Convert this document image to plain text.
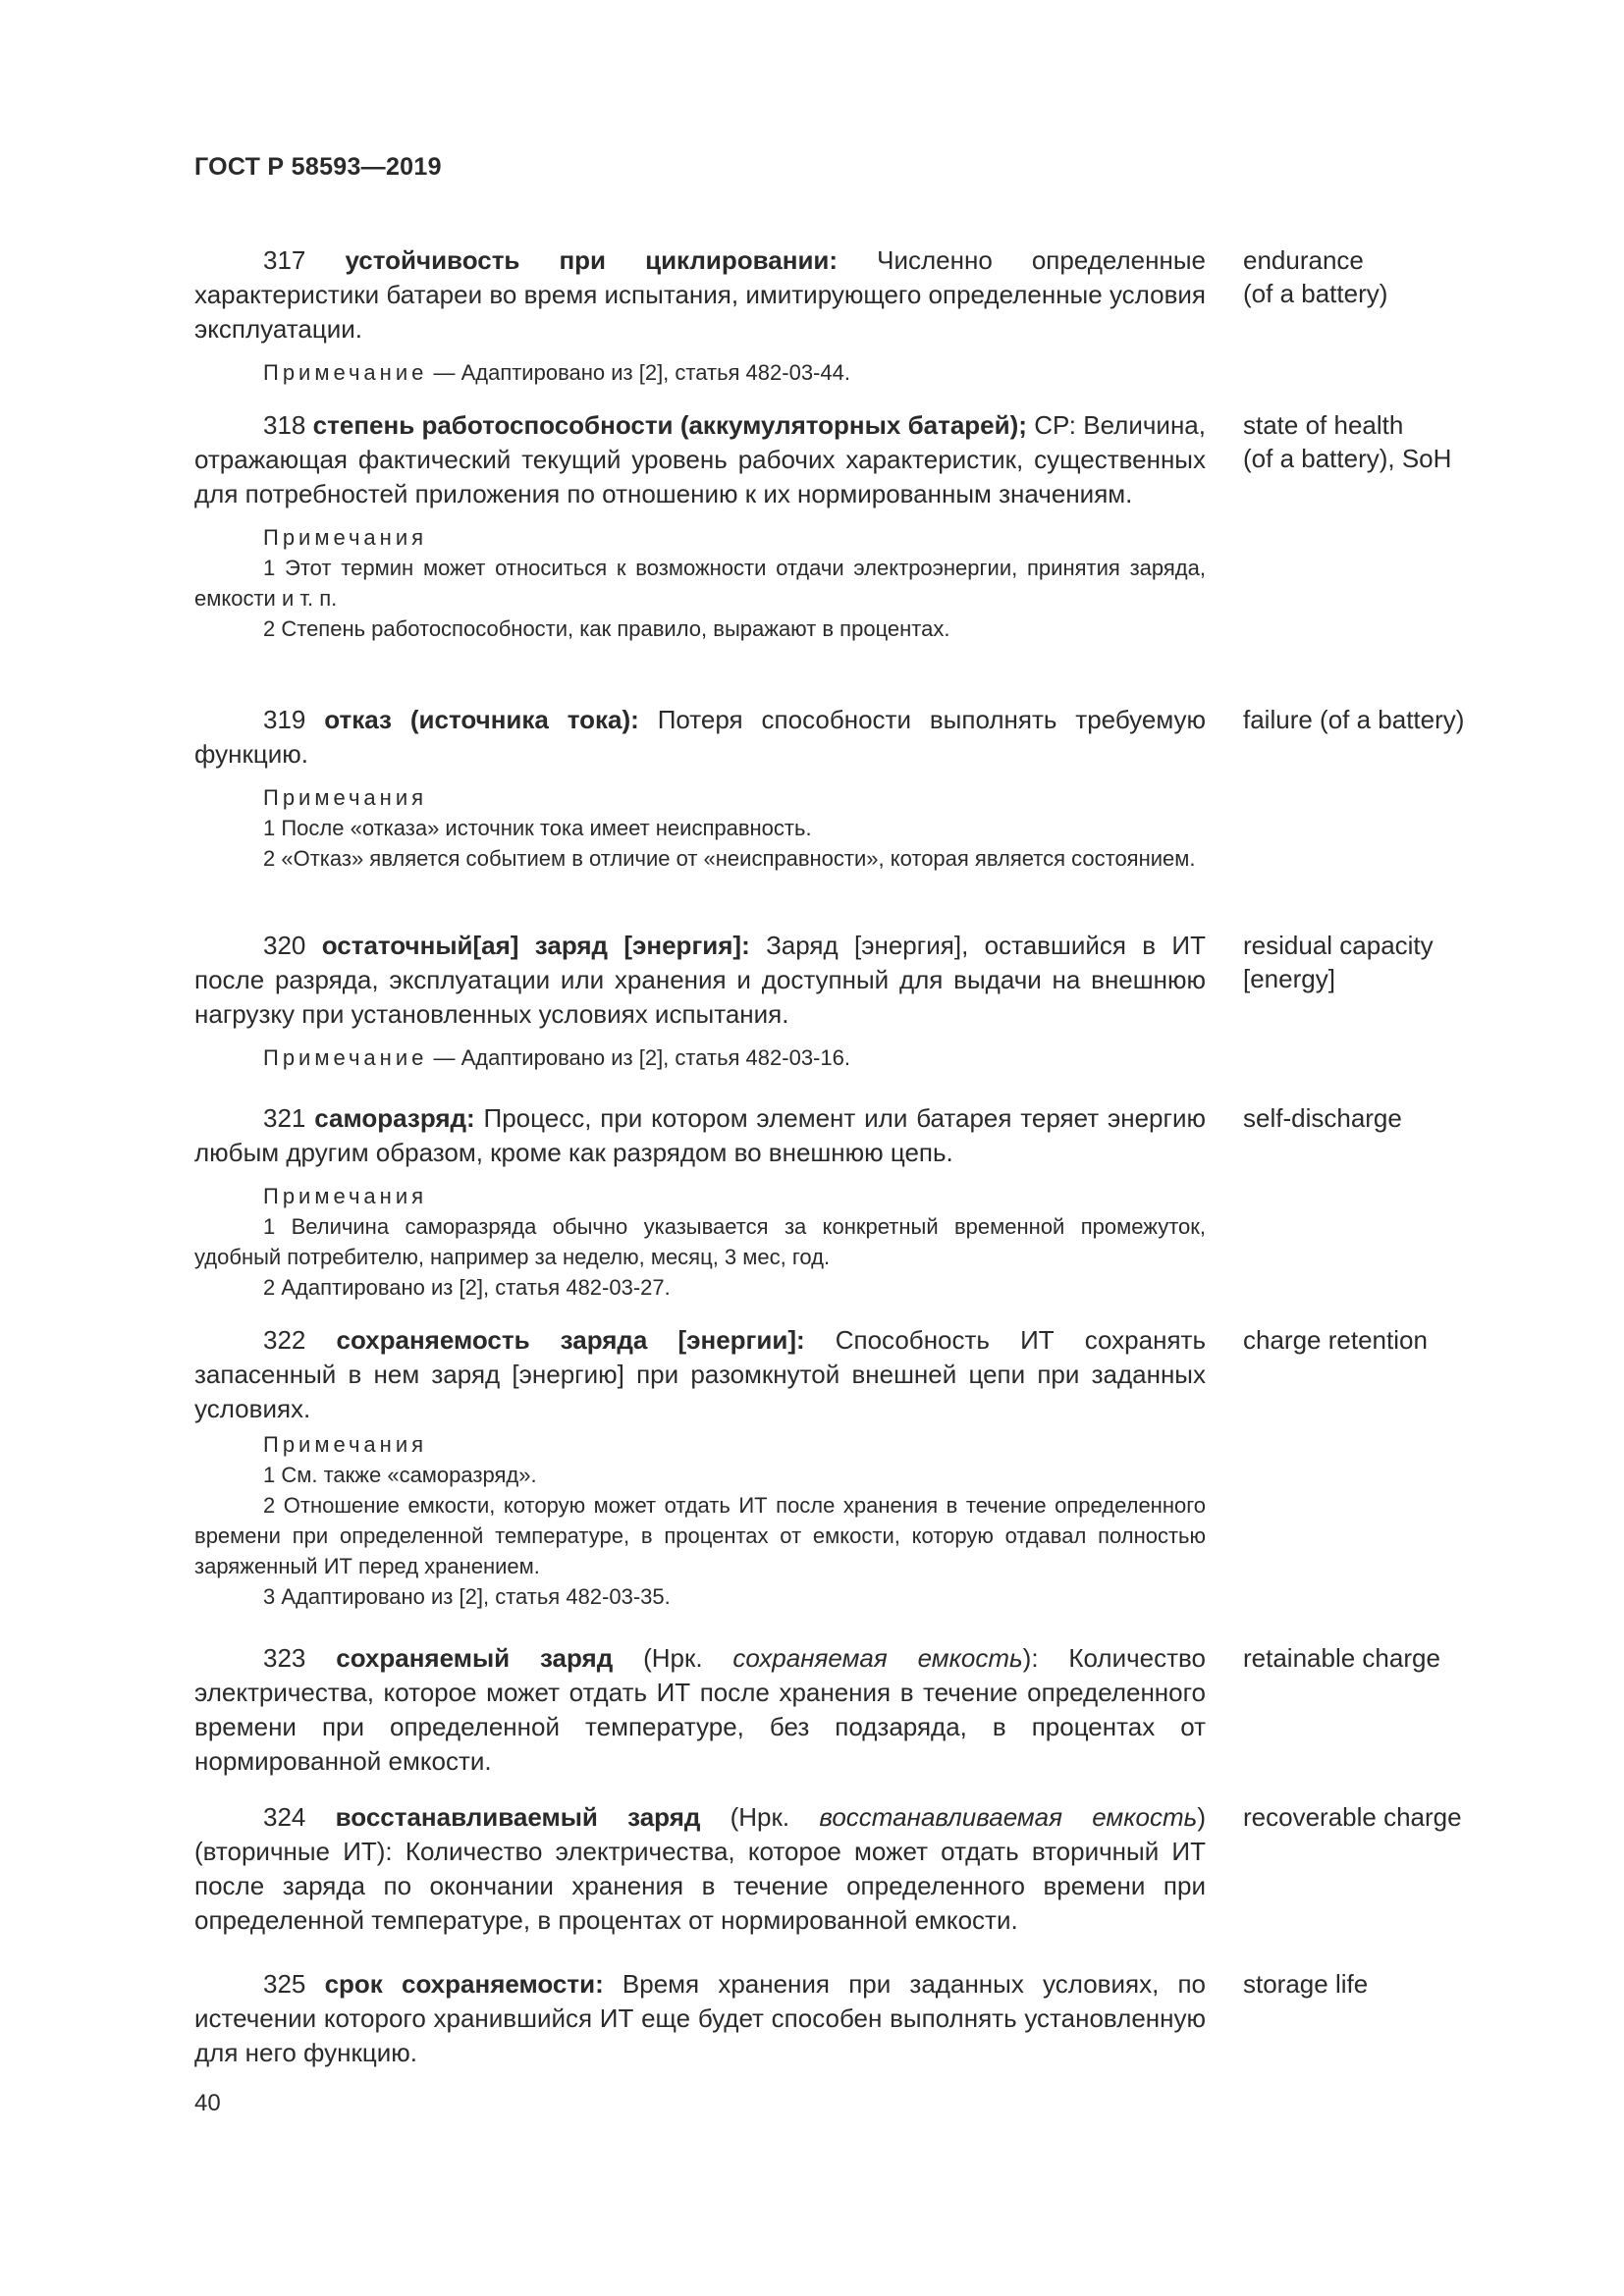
ГОСТ Р 58593—2019

317 устойчивость при циклировании: Численно определенные характеристики батареи во время испытания, имитирующего определенные условия эксплуатации.

endurance
(of a battery)

Примечание — Адаптировано из [2], статья 482-03-44.

318 степень работоспособности (аккумуляторных батарей); СР: Величина, отражающая фактический текущий уровень рабочих характеристик, существенных для потребностей приложения по отношению к их нормированным значениям.

state of health
(of a battery), SoH

Примечания

1 Этот термин может относиться к возможности отдачи электроэнергии, принятия заряда, емкости и т. п.

2 Степень работоспособности, как правило, выражают в процентах.

319 отказ (источника тока): Потеря способности выполнять требуемую функцию.

failure (of a battery)

Примечания

1 После «отказа» источник тока имеет неисправность.

2 «Отказ» является событием в отличие от «неисправности», которая является состоянием.

320 остаточный[ая] заряд [энергия]: Заряд [энергия], оставшийся в ИТ после разряда, эксплуатации или хранения и доступный для выдачи на внешнюю нагрузку при установленных условиях испытания.

residual capacity
[energy]

Примечание — Адаптировано из [2], статья 482-03-16.

321 саморазряд: Процесс, при котором элемент или батарея теряет энергию любым другим образом, кроме как разрядом во внешнюю цепь.

self-discharge

Примечания

1 Величина саморазряда обычно указывается за конкретный временной промежуток, удобный потребителю, например за неделю, месяц, 3 мес, год.

2 Адаптировано из [2], статья 482-03-27.

322 сохраняемость заряда [энергии]: Способность ИТ сохранять запасенный в нем заряд [энергию] при разомкнутой внешней цепи при заданных условиях.

charge retention

Примечания

1 См. также «саморазряд».

2 Отношение емкости, которую может отдать ИТ после хранения в течение определенного времени при определенной температуре, в процентах от емкости, которую отдавал полностью заряженный ИТ перед хранением.

3 Адаптировано из [2], статья 482-03-35.

323 сохраняемый заряд (Нрк. сохраняемая емкость): Количество электричества, которое может отдать ИТ после хранения в течение определенного времени при определенной температуре, без подзаряда, в процентах от нормированной емкости.

retainable charge

324 восстанавливаемый заряд (Нрк. восстанавливаемая емкость) (вторичные ИТ): Количество электричества, которое может отдать вторичный ИТ после заряда по окончании хранения в течение определенного времени при определенной температуре, в процентах от нормированной емкости.

recoverable charge

325 срок сохраняемости: Время хранения при заданных условиях, по истечении которого хранившийся ИТ еще будет способен выполнять установленную для него функцию.

storage life
40
